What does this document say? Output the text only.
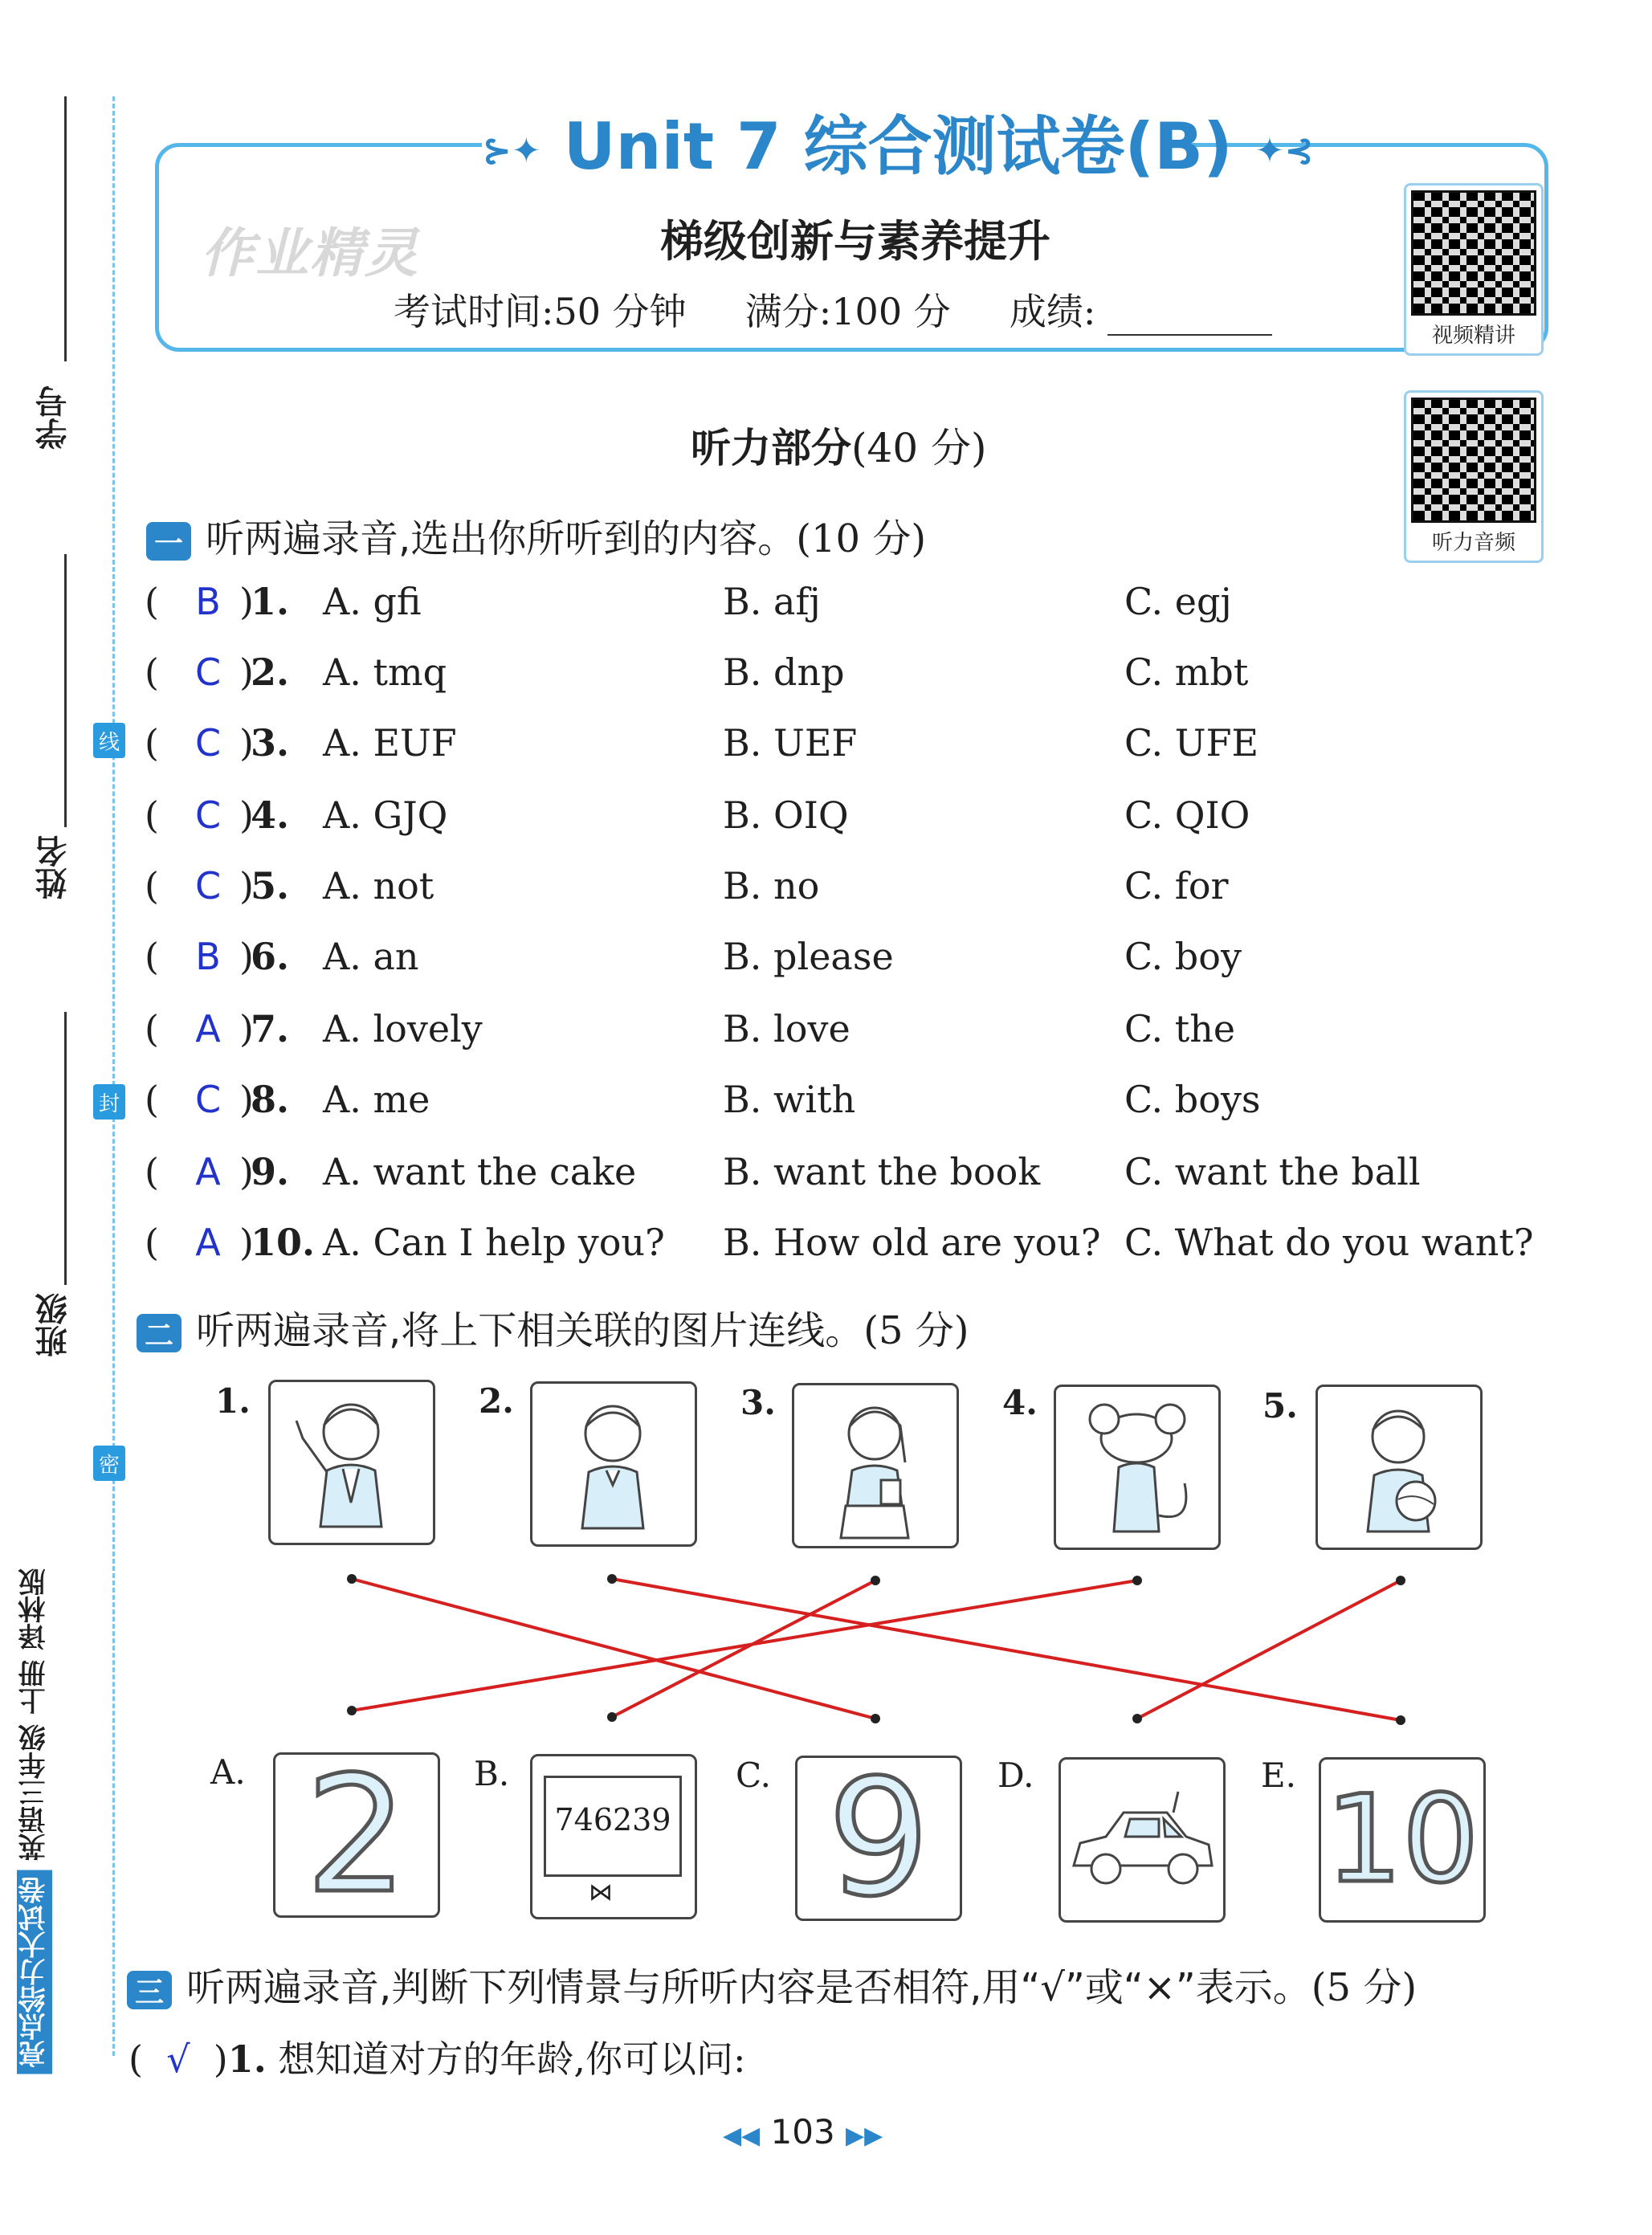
学号
姓名
班级
线
封
密
亮点给力大试卷 英语三年级 上册 译林版
⊱✦ Unit 7 综合测试卷(B) ✦⊰
作业精灵	梯级创新与素养提升
考试时间:50 分钟 满分:100 分 成绩:
视频精讲
听力音频
听力部分(40 分)
一 听两遍录音,选出你所听到的内容。(10 分)
( B )
1. A. gfi	B. afj	C. egj
( C )
2. A. tmq	B. dnp	C. mbt
( C )
3. A. EUF	B. UEF	C. UFE
( C )
4. A. GJQ	B. OIQ	C. QIO
( C )
5. A. not	B. no	C. for
( B )
6. A. an	B. please	C. boy
( A )
7. A. lovely	B. love	C. the
( C )
8. A. me	B. with	C. boys
( A )
9. A. want the cake B. want the book C. want the ball
( A )
10. A. Can I help you? B. How old are you? C. What do you want?
二 听两遍录音,将上下相关联的图片连线。(5 分)
1.	2.	3.	4.	5.
A. 2	B.
746239
⋈
C. 9	D.	E. 10
三 听两遍录音,判断下列情景与所听内容是否相符,用“√”或“×”表示。(5 分)
(  √  )1. 想知道对方的年龄,你可以问:
◀◀ 103 ▶▶
